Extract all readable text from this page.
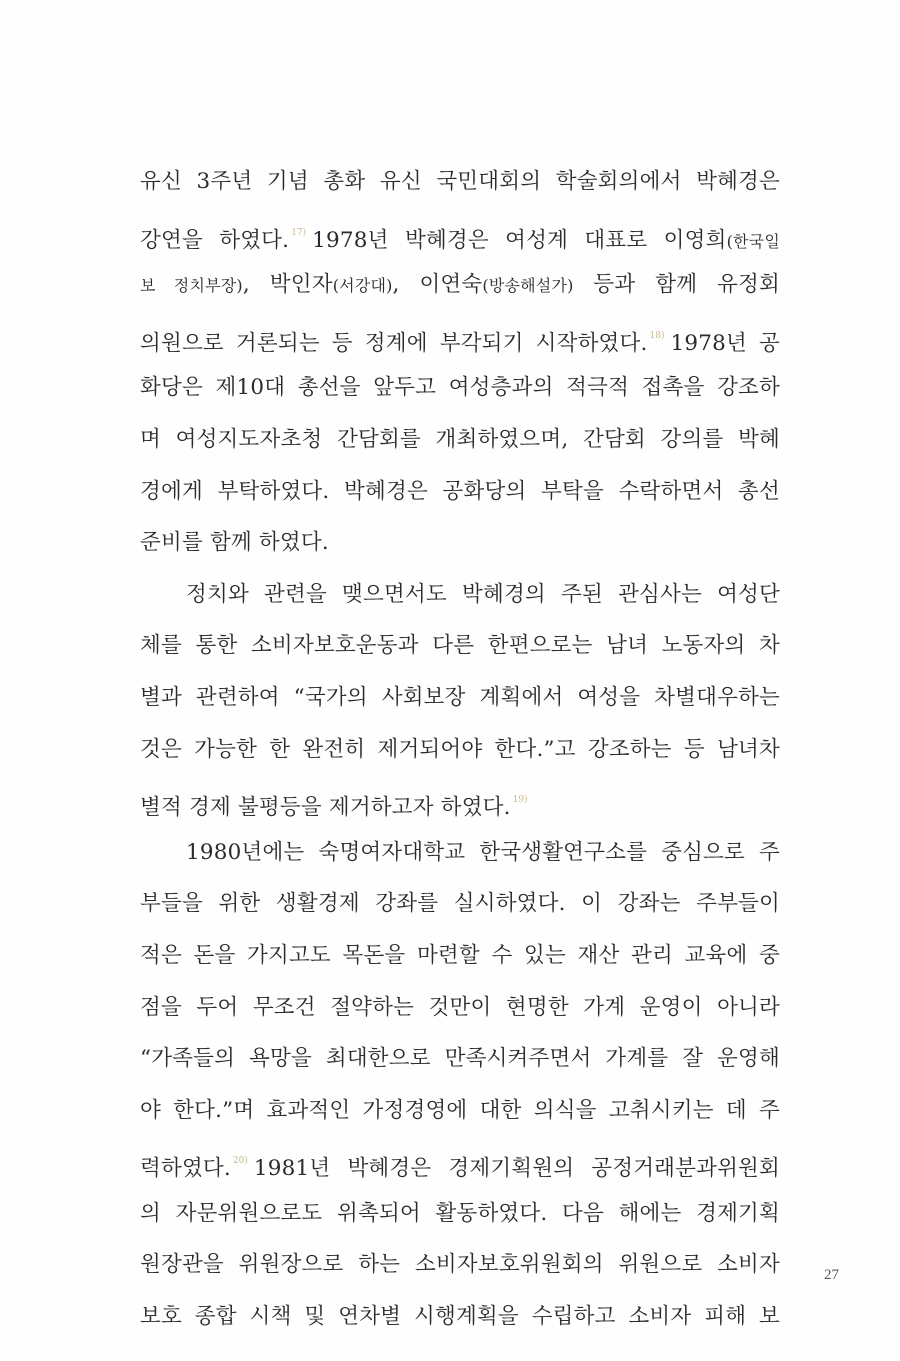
유신 3주년 기념 총화 유신 국민대회의 학술회의에서 박혜경은
강연을 하였다. $^{17)}$ 1978년 박혜경은 여성계 대표로 이영희(한국일
보 정치부장), 박인자(서강대), 이연숙(방송해설가) 등과 함께 유정회
의원으로 거론되는 등 정계에 부각되기 시작하였다. $^{18)}$ 1978년 공
화당은 제10대 총선을 앞두고 여성층과의 적극적 접촉을 강조하
며 여성지도자초청 간담회를 개최하였으며, 간담회 강의를 박혜
경에게 부탁하였다. 박혜경은 공화당의 부탁을 수락하면서 총선
준비를 함께 하였다.
정치와 관련을 맺으면서도 박혜경의 주된 관심사는 여성단
체를 통한 소비자보호운동과 다른 한편으로는 남녀 노동자의 차
별과 관련하여 “국가의 사회보장 계획에서 여성을 차별대우하는
것은 가능한 한 완전히 제거되어야 한다.”고 강조하는 등 남녀차
별적 경제 불평등을 제거하고자 하였다. $^{19)}$
1980년에는 숙명여자대학교 한국생활연구소를 중심으로 주
부들을 위한 생활경제 강좌를 실시하였다. 이 강좌는 주부들이
적은 돈을 가지고도 목돈을 마련할 수 있는 재산 관리 교육에 중
점을 두어 무조건 절약하는 것만이 현명한 가계 운영이 아니라
“가족들의 욕망을 최대한으로 만족시켜주면서 가계를 잘 운영해
야 한다.”며 효과적인 가정경영에 대한 의식을 고취시키는 데 주
력하였다. $^{20)}$ 1981년 박혜경은 경제기획원의 공정거래분과위원회
의 자문위원으로도 위촉되어 활동하였다. 다음 해에는 경제기획
원장관을 위원장으로 하는 소비자보호위원회의 위원으로 소비자
보호 종합 시책 및 연차별 시행계획을 수립하고 소비자 피해 보
27
